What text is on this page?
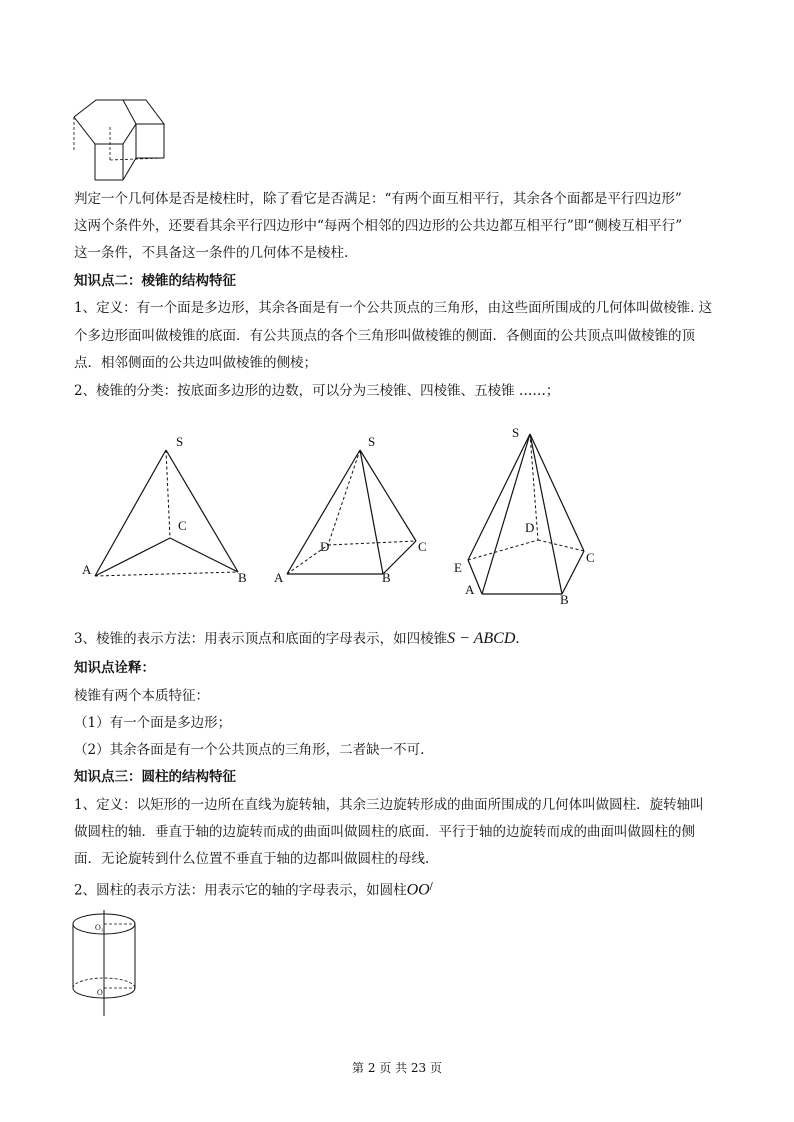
判定一个几何体是否是棱柱时，除了看它是否满足：“有两个面互相平行，其余各个面都是平行四边形”
这两个条件外，还要看其余平行四边形中“每两个相邻的四边形的公共边都互相平行”即“侧棱互相平行”
这一条件，不具备这一条件的几何体不是棱柱.
知识点二：棱锥的结构特征
1、定义：有一个面是多边形，其余各面是有一个公共顶点的三角形，由这些面所围成的几何体叫做棱锥. 这
个多边形面叫做棱锥的底面．有公共顶点的各个三角形叫做棱锥的侧面．各侧面的公共顶点叫做棱锥的顶
点．相邻侧面的公共边叫做棱锥的侧棱；
2、棱锥的分类：按底面多边形的边数，可以分为三棱锥、四棱锥、五棱锥 ……；
S
C
A
B
S
D	C
A	B
S
D
C
E
A
B
3、棱锥的表示方法：用表示顶点和底面的字母表示，如四棱锥S − ABCD.
知识点诠释：
棱锥有两个本质特征：
（1）有一个面是多边形；
（2）其余各面是有一个公共顶点的三角形，二者缺一不可.
知识点三：圆柱的结构特征
1、定义：以矩形的一边所在直线为旋转轴，其余三边旋转形成的曲面所围成的几何体叫做圆柱．旋转轴叫
做圆柱的轴．垂直于轴的边旋转而成的曲面叫做圆柱的底面．平行于轴的边旋转而成的曲面叫做圆柱的侧
面．无论旋转到什么位置不垂直于轴的边都叫做圆柱的母线.
2、圆柱的表示方法：用表示它的轴的字母表示，如圆柱OO/
O₁
O
第 2 页 共 23 页
